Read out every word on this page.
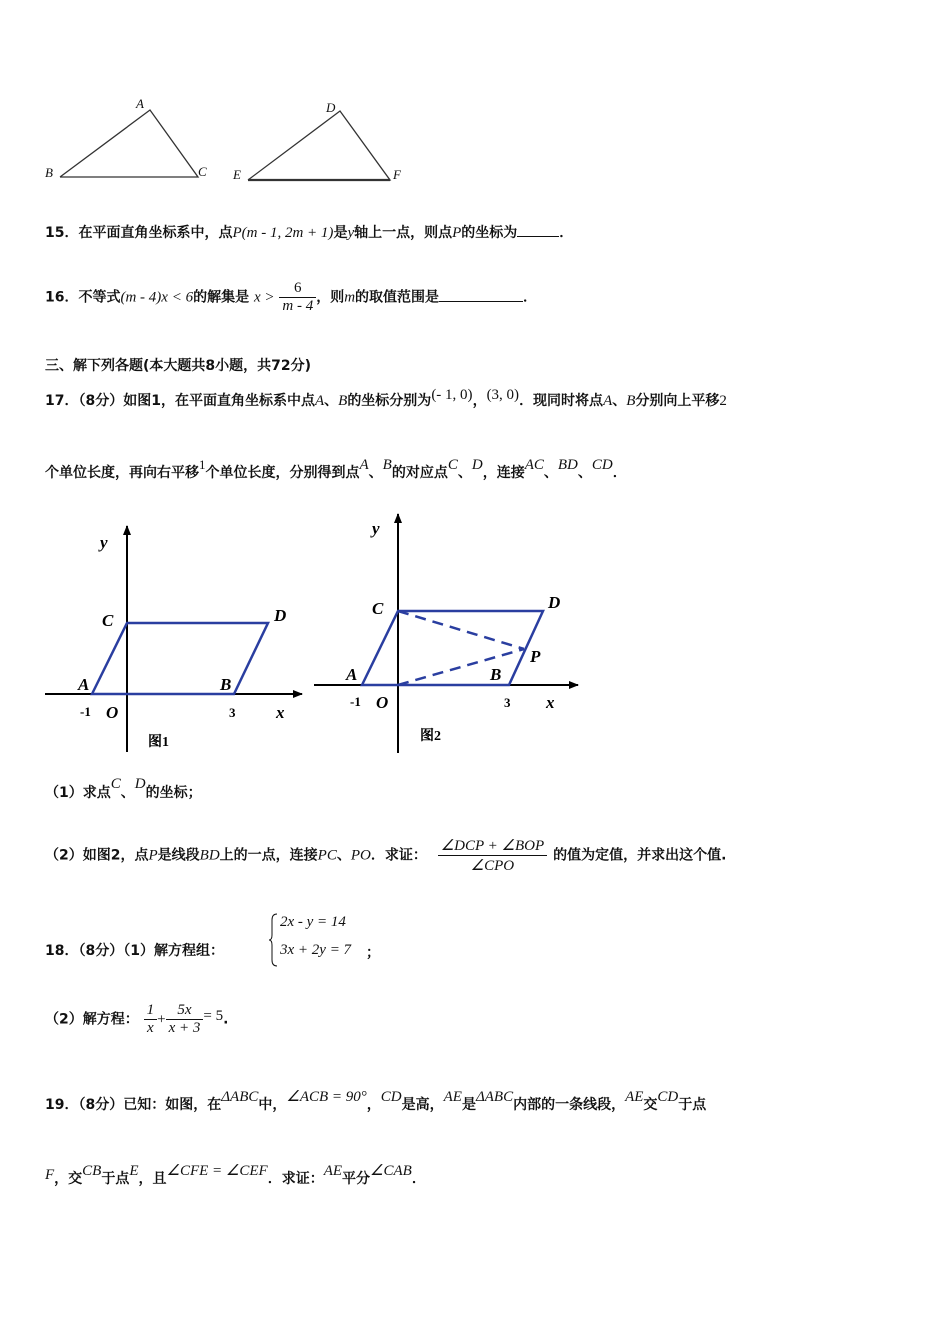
A
B	C
D
E	F
15．在平面直角坐标系中，点P(m - 1, 2m + 1)是y轴上一点，则点P的坐标为	．
16．不等式(m - 4)x < 6的解集是 $x > \frac{6}{m - 4}$ ，则m的取值范围是	．
三、解下列各题(本大题共8小题，共72分)
17．（8分）如图1，在平面直角坐标系中点A、B的坐标分别为(- 1, 0)，(3, 0)．现同时将点A、B分别向上平移2
个单位长度，再向右平移1个单位长度，分别得到点A、B的对应点C、D，连接AC、BD、CD．
y
x
C	D
A	B
O
-1	3
图1
y
x
C	D
P
A	B
O
-1	3
图2
（1）求点C、D的坐标；
（2）如图2，点P是线段BD上的一点，连接PC、PO．求证： $\frac{\text{∠DCP + ∠BOP}}{\text{∠CPO}}$ 的值为定值，并求出这个值.
18．（8分）（1）解方程组：
2x - y = 14
3x + 2y = 7 ；
（2）解方程： $\frac{1}{x} + \frac{5x}{x + 3} = 5$.
19．（8分）已知：如图，在ΔABC中，∠ACB = 90°，CD是高，AE是ΔABC内部的一条线段，AE交CD于点
F，交CB于点E，且∠CFE = ∠CEF．求证：AE平分∠CAB．
